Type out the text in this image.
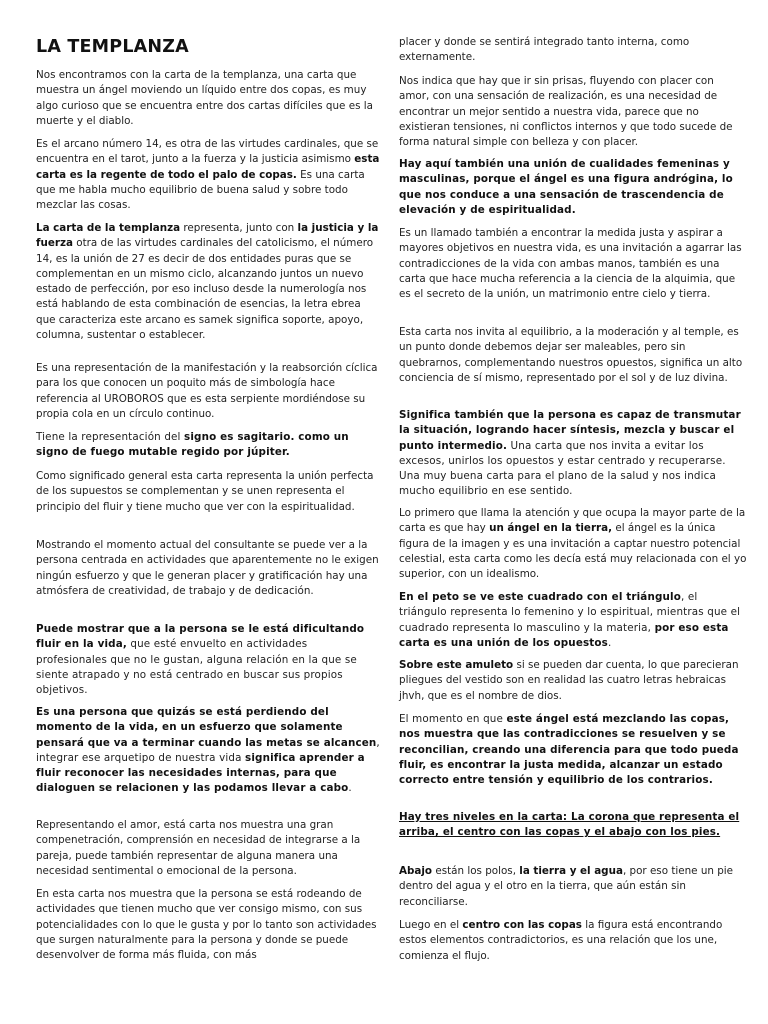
LA TEMPLANZA

Nos encontramos con la carta de la templanza, una carta que muestra un ángel moviendo un líquido entre dos copas, es muy algo curioso que se encuentra entre dos cartas difíciles que es la muerte y el diablo.

Es el arcano número 14, es otra de las virtudes cardinales, que se encuentra en el tarot, junto a la fuerza y la justicia asimismo esta carta es la regente de todo el palo de copas. Es una carta que me habla mucho equilibrio de buena salud y sobre todo mezclar las cosas.

La carta de la templanza representa, junto con la justicia y la fuerza otra de las virtudes cardinales del catolicismo, el número 14, es la unión de 27 es decir de dos entidades puras que se complementan en un mismo ciclo, alcanzando juntos un nuevo estado de perfección, por eso incluso desde la numerología nos está hablando de esta combinación de esencias, la letra ebrea que caracteriza este arcano es samek significa soporte, apoyo, columna, sustentar o establecer.

Es una representación de la manifestación y la reabsorción cíclica para los que conocen un poquito más de simbología hace referencia al UROBOROS que es esta serpiente mordiéndose su propia cola en un círculo continuo.

Tiene la representación del signo es sagitario. como un signo de fuego mutable regido por júpiter.

Como significado general esta carta representa la unión perfecta de los supuestos se complementan y se unen representa el principio del fluir y tiene mucho que ver con la espiritualidad.

Mostrando el momento actual del consultante se puede ver a la persona centrada en actividades que aparentemente no le exigen ningún esfuerzo y que le generan placer y gratificación hay una atmósfera de creatividad, de trabajo y de dedicación.

Puede mostrar que a la persona se le está dificultando fluir en la vida, que esté envuelto en actividades profesionales que no le gustan, alguna relación en la que se siente atrapado y no está centrado en buscar sus propios objetivos.

Es una persona que quizás se está perdiendo del momento de la vida, en un esfuerzo que solamente pensará que va a terminar cuando las metas se alcancen, integrar ese arquetipo de nuestra vida significa aprender a fluir reconocer las necesidades internas, para que dialoguen se relacionen y las podamos llevar a cabo.

Representando el amor, está carta nos muestra una gran compenetración, comprensión en necesidad de integrarse a la pareja, puede también representar de alguna manera una necesidad sentimental o emocional de la persona.

En esta carta nos muestra que la persona se está rodeando de actividades que tienen mucho que ver consigo mismo, con sus potencialidades con lo que le gusta y por lo tanto son actividades que surgen naturalmente para la persona y donde se puede desenvolver de forma más fluida, con más

placer y donde se sentirá integrado tanto interna, como externamente.

Nos indica que hay que ir sin prisas, fluyendo con placer con amor, con una sensación de realización, es una necesidad de encontrar un mejor sentido a nuestra vida, parece que no existieran tensiones, ni conflictos internos y que todo sucede de forma natural simple con belleza y con placer.

Hay aquí también una unión de cualidades femeninas y masculinas, porque el ángel es una figura andrógina, lo que nos conduce a una sensación de trascendencia de elevación y de espiritualidad.

Es un llamado también a encontrar la medida justa y aspirar a mayores objetivos en nuestra vida, es una invitación a agarrar las contradicciones de la vida con ambas manos, también es una carta que hace mucha referencia a la ciencia de la alquimia, que es el secreto de la unión, un matrimonio entre cielo y tierra.

Esta carta nos invita al equilibrio, a la moderación y al temple, es un punto donde debemos dejar ser maleables, pero sin quebrarnos, complementando nuestros opuestos, significa un alto conciencia de sí mismo, representado por el sol y de luz divina.

Significa también que la persona es capaz de transmutar la situación, logrando hacer síntesis, mezcla y buscar el punto intermedio. Una carta que nos invita a evitar los excesos, unirlos los opuestos y estar centrado y recuperarse. Una muy buena carta para el plano de la salud y nos indica mucho equilibrio en ese sentido.

Lo primero que llama la atención y que ocupa la mayor parte de la carta es que hay un ángel en la tierra, el ángel es la única figura de la imagen y es una invitación a captar nuestro potencial celestial, esta carta como les decía está muy relacionada con el yo superior, con un idealismo.

En el peto se ve este cuadrado con el triángulo, el triángulo representa lo femenino y lo espiritual, mientras que el cuadrado representa lo masculino y la materia, por eso esta carta es una unión de los opuestos.

Sobre este amuleto si se pueden dar cuenta, lo que parecieran pliegues del vestido son en realidad las cuatro letras hebraicas jhvh, que es el nombre de dios.

El momento en que este ángel está mezclando las copas, nos muestra que las contradicciones se resuelven y se reconcilian, creando una diferencia para que todo pueda fluir, es encontrar la justa medida, alcanzar un estado correcto entre tensión y equilibrio de los contrarios.

Hay tres niveles en la carta: La corona que representa el arriba, el centro con las copas y el abajo con los pies.

Abajo están los polos, la tierra y el agua, por eso tiene un pie dentro del agua y el otro en la tierra, que aún están sin reconciliarse.

Luego en el centro con las copas la figura está encontrando estos elementos contradictorios, es una relación que los une, comienza el flujo.
